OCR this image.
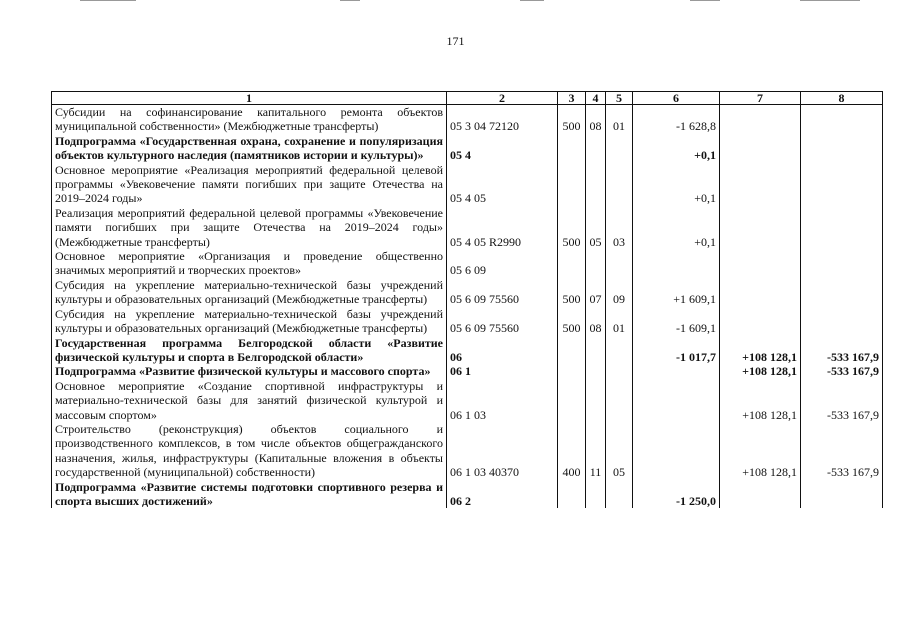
171
1	2	3	4	5	6	7	8
Субсидии на софинансирование капитального ремонта объектов муниципальной собственности» (Межбюджетные трансферты)	05 3 04 72120	500	08	01	-1 628,8		
Подпрограмма «Государственная охрана, сохранение и популяризация объектов культурного наследия (памятников истории и культуры)»	05 4				+0,1		
Основное мероприятие «Реализация мероприятий федеральной целевой программы «Увековечение памяти погибших при защите Отечества на 2019–2024 годы»	05 4 05				+0,1		
Реализация мероприятий федеральной целевой программы «Увековечение памяти погибших при защите Отечества на 2019–2024 годы» (Межбюджетные трансферты)	05 4 05 R2990	500	05	03	+0,1		
Основное мероприятие «Организация и проведение общественно значимых мероприятий и творческих проектов»	05 6 09						
Субсидия на укрепление материально-технической базы учреждений культуры и образовательных организаций (Межбюджетные трансферты)	05 6 09 75560	500	07	09	+1 609,1		
Субсидия на укрепление материально-технической базы учреждений культуры и образовательных организаций (Межбюджетные трансферты)	05 6 09 75560	500	08	01	-1 609,1		
Государственная программа Белгородской области «Развитие физической культуры и спорта в Белгородской области»	06				-1 017,7	+108 128,1	-533 167,9
Подпрограмма «Развитие физической культуры и массового спорта»	06 1					+108 128,1	-533 167,9
Основное мероприятие «Создание спортивной инфраструктуры и материально-технической базы для занятий физической культурой и массовым спортом»	06 1 03					+108 128,1	-533 167,9
Строительство (реконструкция) объектов социального и производственного комплексов, в том числе объектов общегражданского назначения, жилья, инфраструктуры (Капитальные вложения в объекты государственной (муниципальной) собственности)	06 1 03 40370	400	11	05		+108 128,1	-533 167,9
Подпрограмма «Развитие системы подготовки спортивного резерва и спорта высших достижений»	06 2				-1 250,0		
